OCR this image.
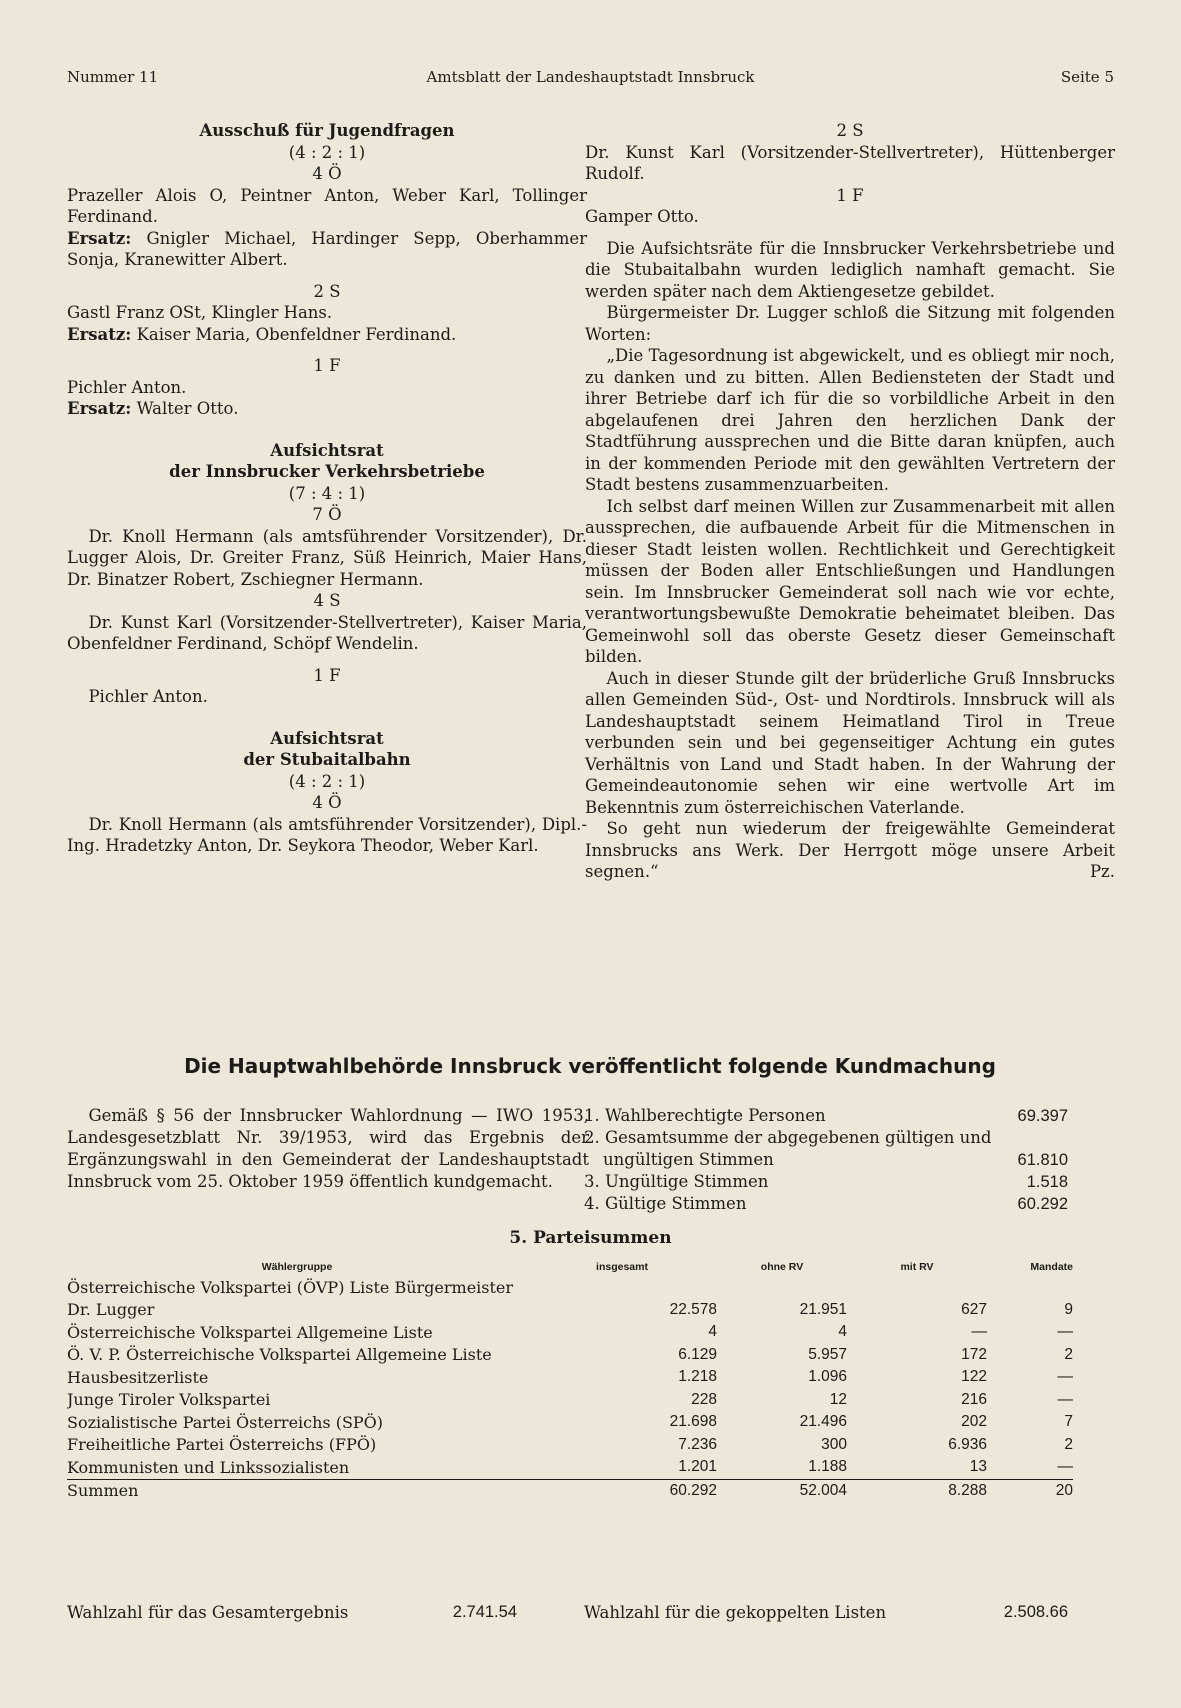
Nummer 11	Amtsblatt der Landeshauptstadt Innsbruck	Seite 5
Ausschuß für Jugendfragen
(4 : 2 : 1)
4 Ö
Prazeller Alois O, Peintner Anton, Weber Karl, Tollinger Ferdinand.
Ersatz: Gnigler Michael, Hardinger Sepp, Oberhammer Sonja, Kranewitter Albert.
2 S
Gastl Franz OSt, Klingler Hans.
Ersatz: Kaiser Maria, Obenfeldner Ferdinand.
1 F
Pichler Anton.
Ersatz: Walter Otto.
Aufsichtsrat
der Innsbrucker Verkehrsbetriebe
(7 : 4 : 1)
7 Ö
Dr. Knoll Hermann (als amtsführender Vorsitzender), Dr. Lugger Alois, Dr. Greiter Franz, Süß Heinrich, Maier Hans, Dr. Binatzer Robert, Zschiegner Hermann.
4 S
Dr. Kunst Karl (Vorsitzender-Stellvertreter), Kaiser Maria, Obenfeldner Ferdinand, Schöpf Wendelin.
1 F
Pichler Anton.
Aufsichtsrat
der Stubaitalbahn
(4 : 2 : 1)
4 Ö
Dr. Knoll Hermann (als amtsführender Vorsitzender), Dipl.-Ing. Hradetzky Anton, Dr. Seykora Theodor, Weber Karl.
2 S
Dr. Kunst Karl (Vorsitzender-Stellvertreter), Hüttenberger Rudolf.
1 F
Gamper Otto.
Die Aufsichtsräte für die Innsbrucker Verkehrsbetriebe und die Stubaitalbahn wurden lediglich namhaft gemacht. Sie werden später nach dem Aktiengesetze gebildet.
Bürgermeister Dr. Lugger schloß die Sitzung mit folgenden Worten:
„Die Tagesordnung ist abgewickelt, und es obliegt mir noch, zu danken und zu bitten. Allen Bediensteten der Stadt und ihrer Betriebe darf ich für die so vorbildliche Arbeit in den abgelaufenen drei Jahren den herzlichen Dank der Stadtführung aussprechen und die Bitte daran knüpfen, auch in der kommenden Periode mit den gewählten Vertretern der Stadt bestens zusammenzuarbeiten.
Ich selbst darf meinen Willen zur Zusammenarbeit mit allen aussprechen, die aufbauende Arbeit für die Mitmenschen in dieser Stadt leisten wollen. Rechtlichkeit und Gerechtigkeit müssen der Boden aller Entschließungen und Handlungen sein. Im Innsbrucker Gemeinderat soll nach wie vor echte, verantwortungsbewußte Demokratie beheimatet bleiben. Das Gemeinwohl soll das oberste Gesetz dieser Gemeinschaft bilden.
Auch in dieser Stunde gilt der brüderliche Gruß Innsbrucks allen Gemeinden Süd-, Ost- und Nordtirols. Innsbruck will als Landeshauptstadt seinem Heimatland Tirol in Treue verbunden sein und bei gegenseitiger Achtung ein gutes Verhältnis von Land und Stadt haben. In der Wahrung der Gemeindeautonomie sehen wir eine wertvolle Art im Bekenntnis zum österreichischen Vaterlande.
So geht nun wiederum der freigewählte Gemeinderat Innsbrucks ans Werk. Der Herrgott möge unsere Arbeit segnen.“	Pz.
Die Hauptwahlbehörde Innsbruck veröffentlicht folgende Kundmachung
Gemäß § 56 der Innsbrucker Wahlordnung — IWO 1953, Landesgesetzblatt Nr. 39/1953, wird das Ergebnis der Ergänzungswahl in den Gemeinderat der Landeshauptstadt Innsbruck vom 25. Oktober 1959 öffentlich kundgemacht.
1. Wahlberechtigte Personen	69.397
2. Gesamtsumme der abgegebenen gültigen und
ungültigen Stimmen	61.810
3. Ungültige Stimmen	1.518
4. Gültige Stimmen	60.292
5. Parteisummen
Wählergruppe	insgesamt	ohne RV	mit RV	Mandate
Österreichische Volkspartei (ÖVP) Liste Bürgermeister				
Dr. Lugger	22.578	21.951	627	9
Österreichische Volkspartei Allgemeine Liste	4	4	—	—
Ö. V. P. Österreichische Volkspartei Allgemeine Liste	6.129	5.957	172	2
Hausbesitzerliste	1.218	1.096	122	—
Junge Tiroler Volkspartei	228	12	216	—
Sozialistische Partei Österreichs (SPÖ)	21.698	21.496	202	7
Freiheitliche Partei Österreichs (FPÖ)	7.236	300	6.936	2
Kommunisten und Linkssozialisten	1.201	1.188	13	—
Summen	60.292	52.004	8.288	20
Wahlzahl für das Gesamtergebnis	2.741.54	Wahlzahl für die gekoppelten Listen	2.508.66
